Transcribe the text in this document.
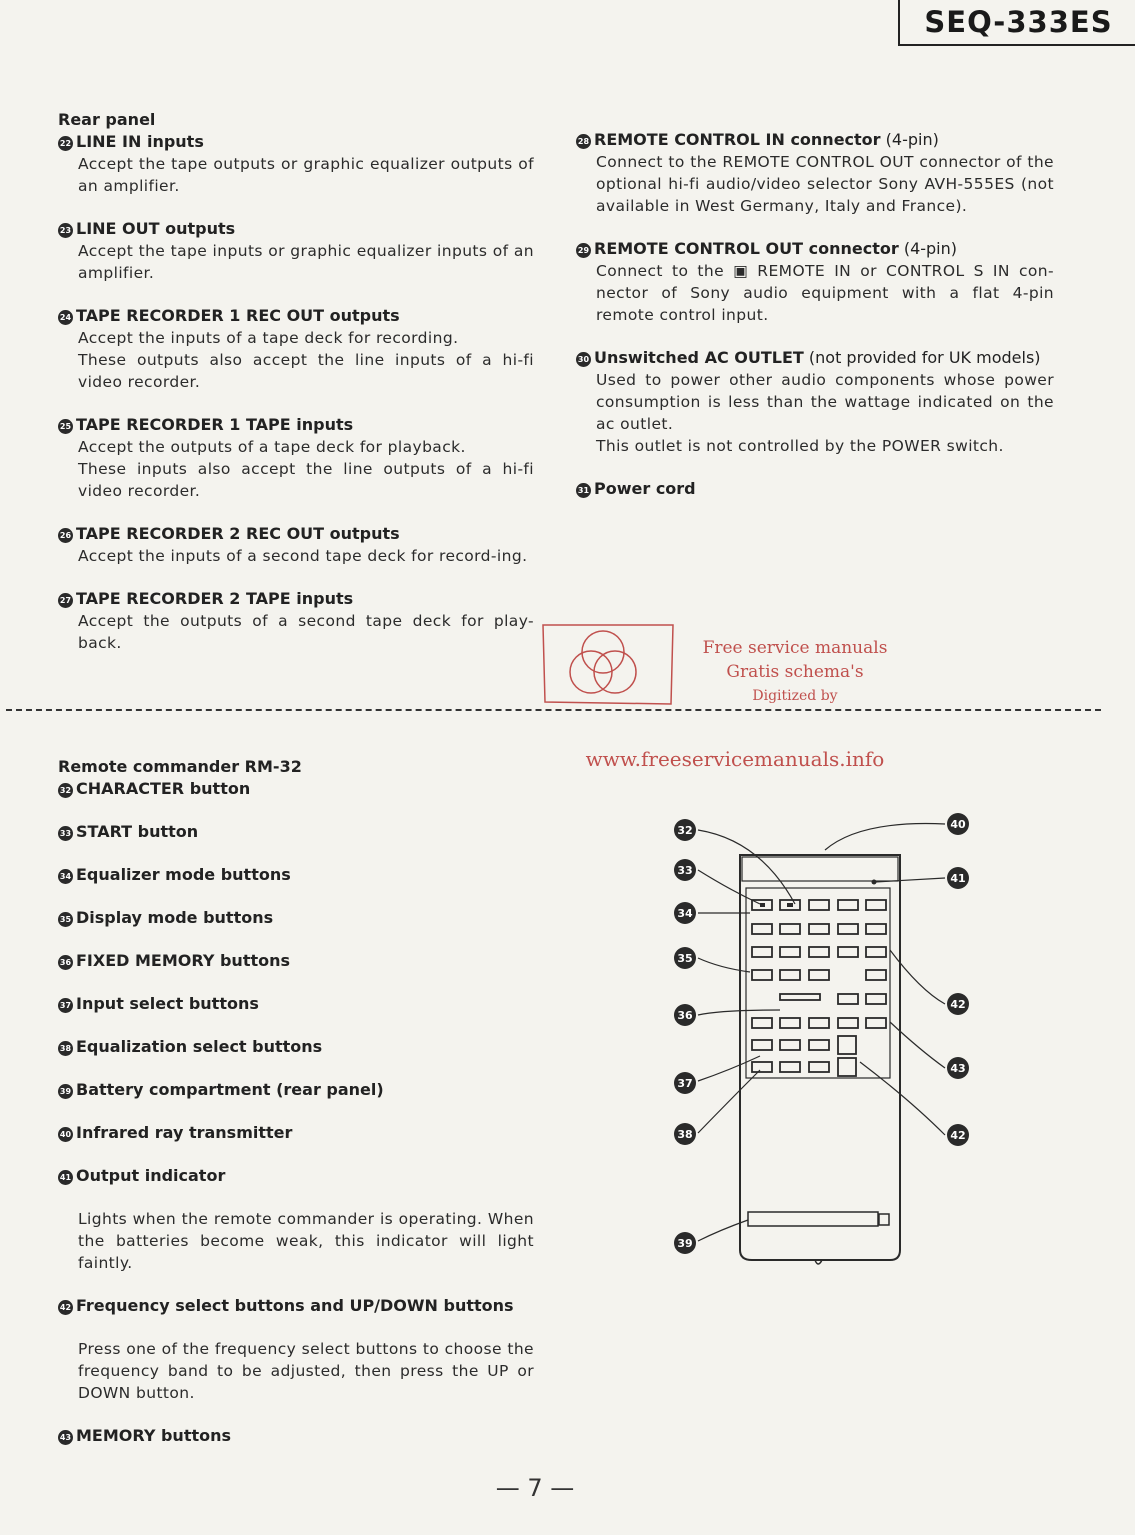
SEQ-333ES
Rear panel
22 LINE IN inputs

Accept the tape outputs or graphic equalizer outputs of an amplifier.

23 LINE OUT outputs

Accept the tape inputs or graphic equalizer inputs of an amplifier.

24 TAPE RECORDER 1 REC OUT outputs

Accept the inputs of a tape deck for recording.

These outputs also accept the line inputs of a hi-fi video recorder.

25 TAPE RECORDER 1 TAPE inputs

Accept the outputs of a tape deck for playback.

These inputs also accept the line outputs of a hi-fi video recorder.

26 TAPE RECORDER 2 REC OUT outputs

Accept the inputs of a second tape deck for record-ing.

27 TAPE RECORDER 2 TAPE inputs

Accept the outputs of a second tape deck for play-back.

28 REMOTE CONTROL IN connector (4-pin)

Connect to the REMOTE CONTROL OUT connector of the optional hi-fi audio/video selector Sony AVH-555ES (not available in West Germany, Italy and France).

29 REMOTE CONTROL OUT connector (4-pin)

Connect to the ▣ REMOTE IN or CONTROL S IN con-nector of Sony audio equipment with a flat 4-pin remote control input.

30 Unswitched AC OUTLET (not provided for UK models)

Used to power other audio components whose power consumption is less than the wattage indicated on the ac outlet.

This outlet is not controlled by the POWER switch.

31 Power cord
Remote commander RM-32
32 CHARACTER button
33 START button
34 Equalizer mode buttons
35 Display mode buttons
36 FIXED MEMORY buttons
37 Input select buttons
38 Equalization select buttons
39 Battery compartment (rear panel)
40 Infrared ray transmitter
41 Output indicator

Lights when the remote commander is operating. When the batteries become weak, this indicator will light faintly.

42 Frequency select buttons and UP/DOWN buttons

Press one of the frequency select buttons to choose the frequency band to be adjusted, then press the UP or DOWN button.

43 MEMORY buttons
Free service manuals
Gratis schema's
Digitized by
www.freeservicemanuals.info
32
33
34
35
36
37
38
39
40
41
42
43
42
— 7 —
